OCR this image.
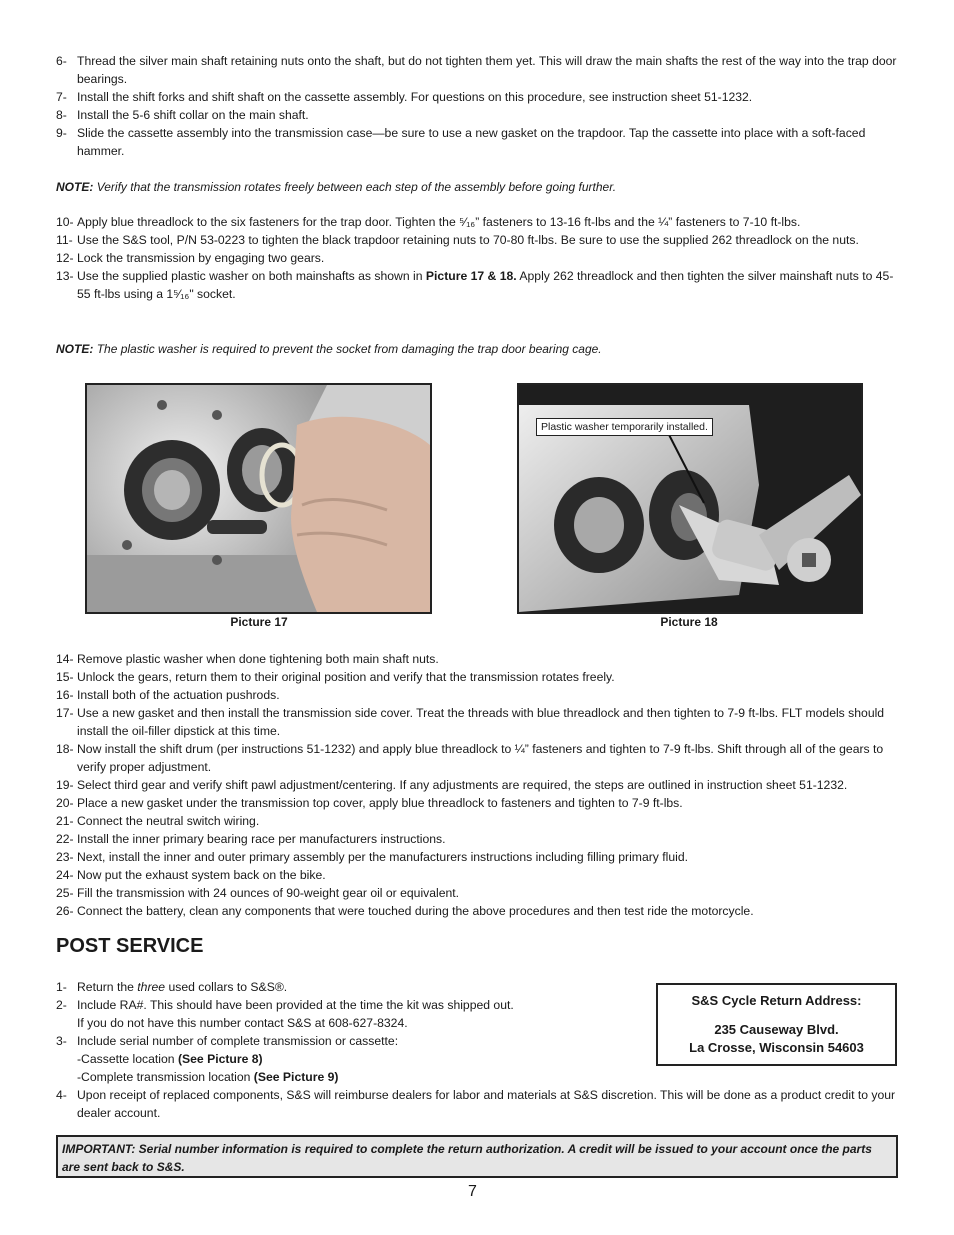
6- Thread the silver main shaft retaining nuts onto the shaft, but do not tighten them yet. This will draw the main shafts the rest of the way into the trap door bearings.
7- Install the shift forks and shift shaft on the cassette assembly. For questions on this procedure, see instruction sheet 51-1232.
8- Install the 5-6 shift collar on the main shaft.
9- Slide the cassette assembly into the transmission case—be sure to use a new gasket on the trapdoor. Tap the cassette into place with a soft-faced hammer.
NOTE: Verify that the transmission rotates freely between each step of the assembly before going further.
10- Apply blue threadlock to the six fasteners for the trap door. Tighten the ⁵⁄₁₆” fasteners to 13-16 ft-lbs and the ¼” fasteners to 7-10 ft-lbs.
11- Use the S&S tool, P/N 53-0223 to tighten the black trapdoor retaining nuts to 70-80 ft-lbs. Be sure to use the supplied 262 threadlock on the nuts.
12- Lock the transmission by engaging two gears.
13- Use the supplied plastic washer on both mainshafts as shown in Picture 17 & 18. Apply 262 threadlock and then tighten the silver mainshaft nuts to 45-55 ft-lbs using a 1⁵⁄₁₆" socket.
NOTE: The plastic washer is required to prevent the socket from damaging the trap door bearing cage.
Picture 17
Plastic washer temporarily installed.
Picture 18
14- Remove plastic washer when done tightening both main shaft nuts.
15- Unlock the gears, return them to their original position and verify that the transmission rotates freely.
16- Install both of the actuation pushrods.
17- Use a new gasket and then install the transmission side cover. Treat the threads with blue threadlock and then tighten to 7-9 ft-lbs. FLT models should install the oil-filler dipstick at this time.
18- Now install the shift drum (per instructions 51-1232) and apply blue threadlock to ¼” fasteners and tighten to 7-9 ft-lbs. Shift through all of the gears to verify proper adjustment.
19- Select third gear and verify shift pawl adjustment/centering. If any adjustments are required, the steps are outlined in instruction sheet 51-1232.
20- Place a new gasket under the transmission top cover, apply blue threadlock to fasteners and tighten to 7-9 ft-lbs.
21- Connect the neutral switch wiring.
22- Install the inner primary bearing race per manufacturers instructions.
23- Next, install the inner and outer primary assembly per the manufacturers instructions including filling primary fluid.
24- Now put the exhaust system back on the bike.
25- Fill the transmission with 24 ounces of 90-weight gear oil or equivalent.
26- Connect the battery, clean any components that were touched during the above procedures and then test ride the motorcycle.
POST SERVICE
1- Return the three used collars to S&S®.
2- Include RA#. This should have been provided at the time the kit was shipped out.
If you do not have this number contact S&S at 608-627-8324.
3- Include serial number of complete transmission or cassette:
-Cassette location (See Picture 8)
-Complete transmission location (See Picture 9)
4- Upon receipt of replaced components, S&S will reimburse dealers for labor and materials at S&S discretion. This will be done as a product credit to your dealer account.
S&S Cycle Return Address:
235 Causeway Blvd.
La Crosse, Wisconsin 54603
IMPORTANT: Serial number information is required to complete the return authorization. A credit will be issued to your account once the parts are sent back to S&S.
7
